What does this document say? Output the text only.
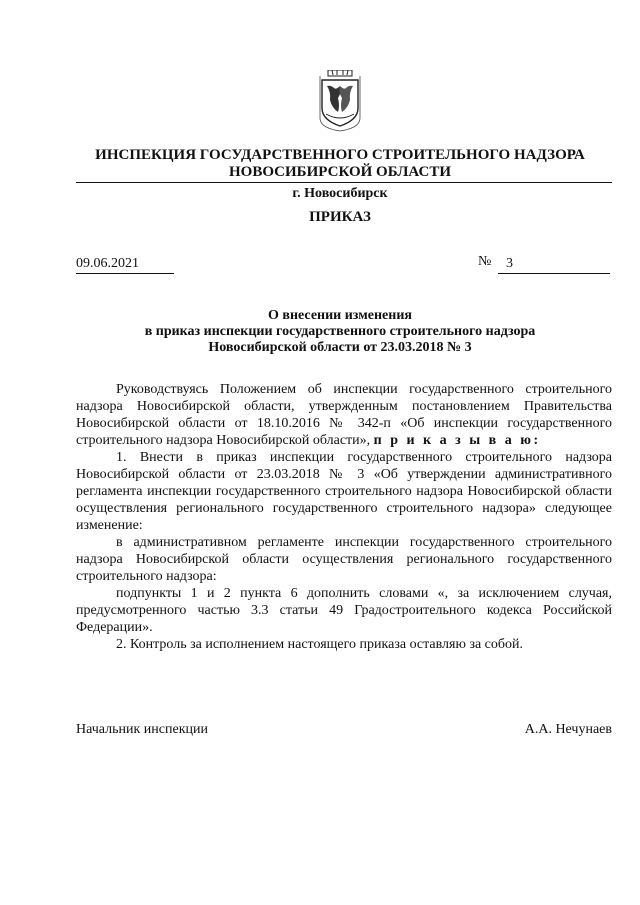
ИНСПЕКЦИЯ ГОСУДАРСТВЕННОГО СТРОИТЕЛЬНОГО НАДЗОРА
НОВОСИБИРСКОЙ ОБЛАСТИ
г. Новосибирск
ПРИКАЗ
09.06.2021	№	3
О внесении изменения
в приказ инспекции государственного строительного надзора
Новосибирской области от 23.03.2018 № 3

Руководствуясь Положением об инспекции государственного строительного надзора Новосибирской области, утвержденным постановлением Правительства Новосибирской области от 18.10.2016 № 342-п «Об инспекции государственного строительного надзора Новосибирской области», п р и к а з ы в а ю:

1. Внести в приказ инспекции государственного строительного надзора Новосибирской области от 23.03.2018 № 3 «Об утверждении административного регламента инспекции государственного строительного надзора Новосибирской области осуществления регионального государственного строительного надзора» следующее изменение:

в административном регламенте инспекции государственного строительного надзора Новосибирской области осуществления регионального государственного строительного надзора:

подпункты 1 и 2 пункта 6 дополнить словами «, за исключением случая, предусмотренного частью 3.3 статьи 49 Градостроительного кодекса Российской Федерации».

2. Контроль за исполнением настоящего приказа оставляю за собой.

Начальник инспекции	А.А. Нечунаев
